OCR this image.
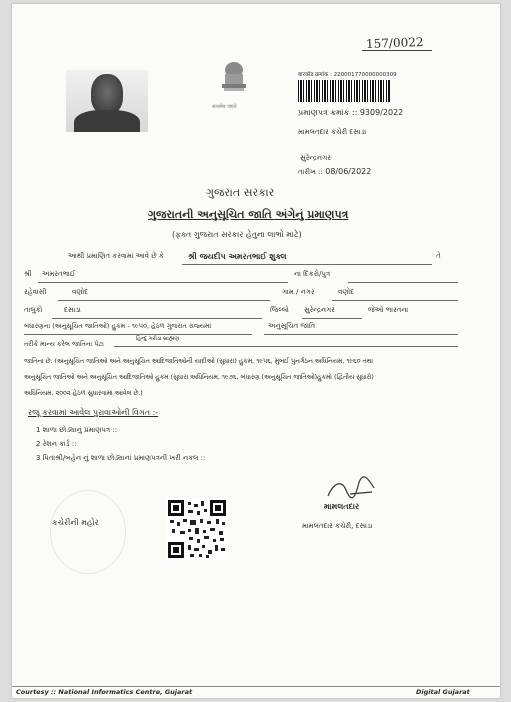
157/0022
सत्यमेव जयते
बारकोड क्रमांक : 220001770000000309
પ્રમાણપત્ર ક્રમાંક :: 9309/2022
મામલતદાર કચેરી દસાડા
સુરેન્દ્રનગર
તારીખ :: 08/06/2022
ગુજરાત સરકાર
ગુજરાતની અનુસૂચિત જાતિ અંગેનું પ્રમાણપત્ર
(ફક્ત ગુજરાત સરકાર હેતુના લાભો માટે)
આથી પ્રમાણિત કરવામાં આવે છે કે	શ્રી જયદીપ અમરતભાઈ શુક્લ	તે
શ્રી અમરતભાઈ	ના દિકરો/પુત્ર
રહેવાસી	વણોદ	ગામ / નગર	વણોદ
તાલુકો	દસાડા	જિલ્લો સુરેન્દ્રનગર	જેઓ ભારતના
બંધારણના (અનુસૂચિત જાતિઓ) હુકમ - ૧૯૫૦, હેઠળ ગુજરાત રાજ્યમાં	અનુસૂચિત જાતિ
તરીકે માન્ય કરેલ જાતિના પેટા
હિન્દુ ગરોડા બ્રાહ્મણ
જાતિના છે. (અનુસૂચિત જાતિઓ અને અનુસૂચિત આદિજાતિઓની યાદીઓ (સુધારા) હુકમ, ૧૯૫૬, મુંબઈ પુનર્ગઠન અધિનિયમ, ૧૯૬૦ તથા
અનુસૂચિત જાતિઓ અને અનુસૂચિત આદિજાતિઓ હુકમ (સુધારા અધિનિયમ, ૧૯૭૬, બંધારણ (અનુસૂચિત જાતિઓ)હુકમો (દ્વિતીય સુધારો)
અધિનિયમ, ૨૦૦૨ હેઠળ સુધારવામાં આવેલ છે.)
રજૂ કરવામાં આવેલ પુરાવાઓની વિગત :-
1 શાળા છોડ્યાનું પ્રમાણપત્ર ::
2 રેશન કાર્ડ ::
3 પિતાશ્રી/બહેન નું શાળા છોડ્યાનાં પ્રમાણપત્રની ખરી નકલ ::
મામલતદાર
મામલતદાર કચેરી, દસાડા
કચેરીની મહોર
Courtesy :: National Informatics Centre, Gujarat	Digital Gujarat
